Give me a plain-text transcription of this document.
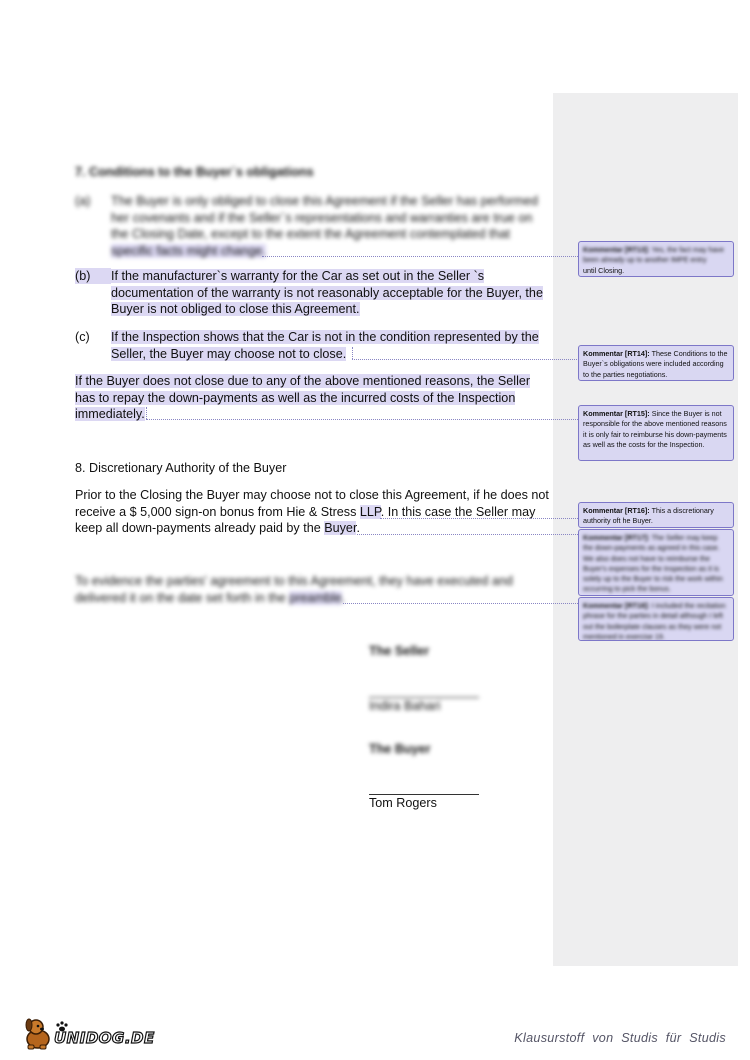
7. Conditions to the Buyer`s obligations
(a) The Buyer is only obliged to close this Agreement if the Seller has performed
her covenants and if the Seller`s representations and warranties are true on
the Closing Date, except to the extent the Agreement contemplated that
specific facts might change.
(b) If the manufacturer`s warranty for the Car as set out in the Seller `s
documentation of the warranty is not reasonably acceptable for the Buyer, the
Buyer is not obliged to close this Agreement.
(c) If the Inspection shows that the Car is not in the condition represented by the
Seller, the Buyer may choose not to close.
If the Buyer does not close due to any of the above mentioned reasons, the Seller
has to repay the down-payments as well as the incurred costs of the Inspection
immediately.
8. Discretionary Authority of the Buyer
Prior to the Closing the Buyer may choose not to close this Agreement, if he does not
receive a $ 5,000 sign-on bonus from Hie & Stress LLP. In this case the Seller may
keep all down-payments already paid by the Buyer.
To evidence the parties' agreement to this Agreement, they have executed and
delivered it on the date set forth in the preamble.
The Seller
Indira Bahari
The Buyer
Tom Rogers
Kommentar [RT13]: Yes, the fact may have been already up to another IMPE entry
until Closing.
Kommentar [RT14]: These Conditions to the Buyer`s obligations were included according to the parties negotiations.
Kommentar [RT15]: Since the Buyer is not responsible for the above mentioned reasons it is only fair to reimburse his down-payments as well as the costs for the Inspection.
Kommentar [RT16]: This a discretionary authority oft he Buyer.
Kommentar [RT17]: The Seller may keep the down-payments as agreed in this case. We also does not have to reimburse the Buyer's expenses for the Inspection as it is solely up to the Buyer to risk the work within occurring to pick the bonus.
Kommentar [RT18]: I included the recitation phrase for the parties in detail although I left out the boilerplate clauses as they were not mentioned in exercise 19.
UNIDOG.DE	Klausurstoff von Studis für Studis
